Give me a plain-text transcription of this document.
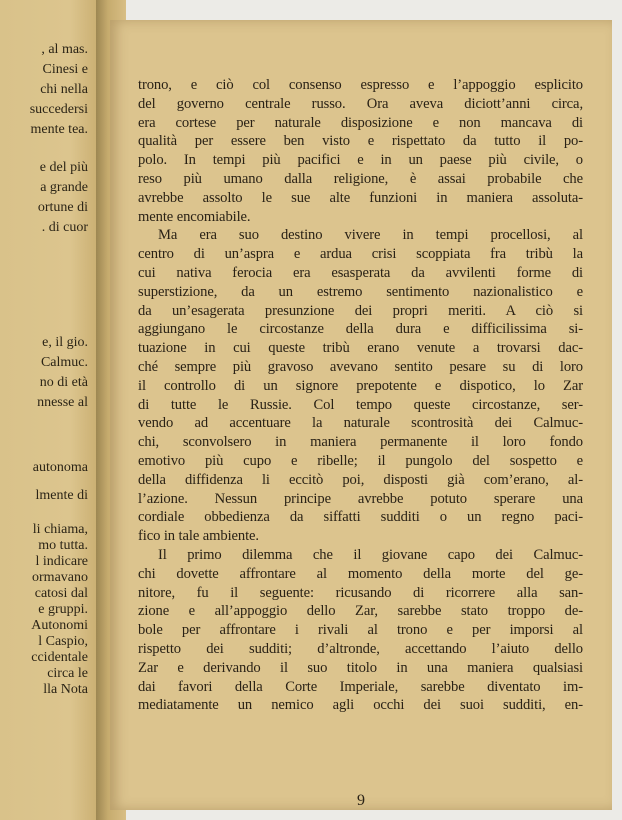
, al mas.
Cinesi e
chi nella
succedersi
mente tea.
e del più
a grande
ortune di
. di cuor
e, il gio.
Calmuc.
no di età
nnesse al
autonoma
lmente di
li chiama,
mo tutta.
l indicare
ormavano
catosi dal
e gruppi.
Autonomi
l Caspio,
ccidentale
circa le
lla Nota
trono, e ciò col consenso espresso e l’appoggio esplicito
del governo centrale russo. Ora aveva diciott’anni circa,
era cortese per naturale disposizione e non mancava di
qualità per essere ben visto e rispettato da tutto il po-
polo. In tempi più pacifici e in un paese più civile, o
reso più umano dalla religione, è assai probabile che
avrebbe assolto le sue alte funzioni in maniera assoluta-
mente encomiabile.
Ma era suo destino vivere in tempi procellosi, al
centro di un’aspra e ardua crisi scoppiata fra tribù la
cui nativa ferocia era esasperata da avvilenti forme di
superstizione, da un estremo sentimento nazionalistico e
da un’esagerata presunzione dei propri meriti. A ciò si
aggiungano le circostanze della dura e difficilissima si-
tuazione in cui queste tribù erano venute a trovarsi dac-
ché sempre più gravoso avevano sentito pesare su di loro
il controllo di un signore prepotente e dispotico, lo Zar
di tutte le Russie. Col tempo queste circostanze, ser-
vendo ad accentuare la naturale scontrosità dei Calmuc-
chi, sconvolsero in maniera permanente il loro fondo
emotivo più cupo e ribelle; il pungolo del sospetto e
della diffidenza li eccitò poi, disposti già com’erano, al-
l’azione. Nessun principe avrebbe potuto sperare una
cordiale obbedienza da siffatti sudditi o un regno paci-
fico in tale ambiente.
Il primo dilemma che il giovane capo dei Calmuc-
chi dovette affrontare al momento della morte del ge-
nitore, fu il seguente: ricusando di ricorrere alla san-
zione e all’appoggio dello Zar, sarebbe stato troppo de-
bole per affrontare i rivali al trono e per imporsi al
rispetto dei sudditi; d’altronde, accettando l’aiuto dello
Zar e derivando il suo titolo in una maniera qualsiasi
dai favori della Corte Imperiale, sarebbe diventato im-
mediatamente un nemico agli occhi dei suoi sudditi, en-
9
